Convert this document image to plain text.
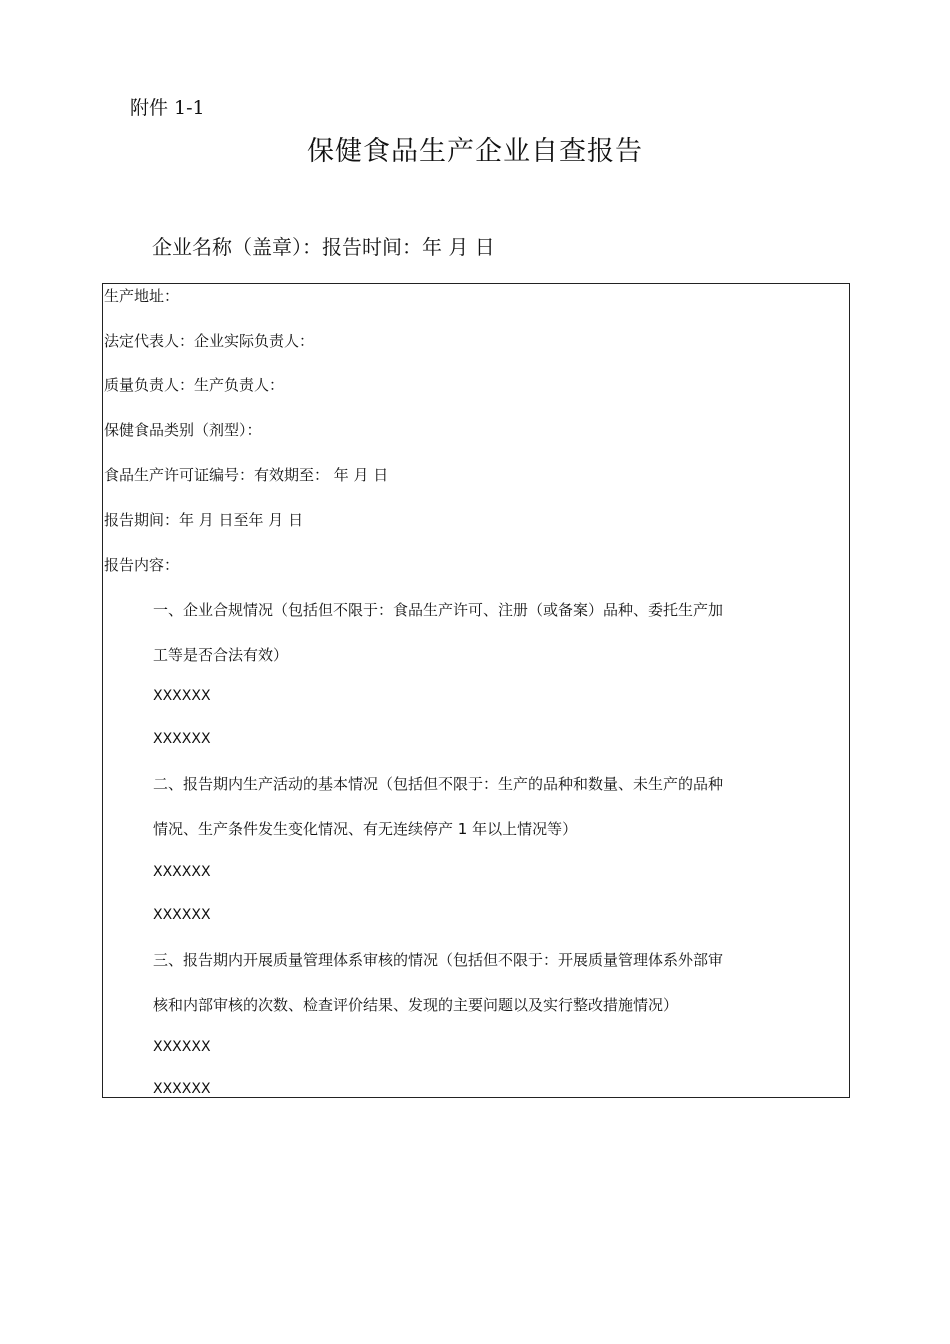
附件 1-1
保健食品生产企业自查报告
企业名称（盖章）：报告时间：年 月 日
生产地址：
法定代表人：企业实际负责人：
质量负责人：生产负责人：
保健食品类别（剂型）：
食品生产许可证编号：有效期至： 年 月 日
报告期间：年 月 日至年 月 日
报告内容：
一、企业合规情况（包括但不限于：食品生产许可、注册（或备案）品种、委托生产加
工等是否合法有效）
XXXXXX
XXXXXX
二、报告期内生产活动的基本情况（包括但不限于：生产的品种和数量、未生产的品种
情况、生产条件发生变化情况、有无连续停产 1 年以上情况等）
XXXXXX
XXXXXX
三、报告期内开展质量管理体系审核的情况（包括但不限于：开展质量管理体系外部审
核和内部审核的次数、检查评价结果、发现的主要问题以及实行整改措施情况）
XXXXXX
XXXXXX
